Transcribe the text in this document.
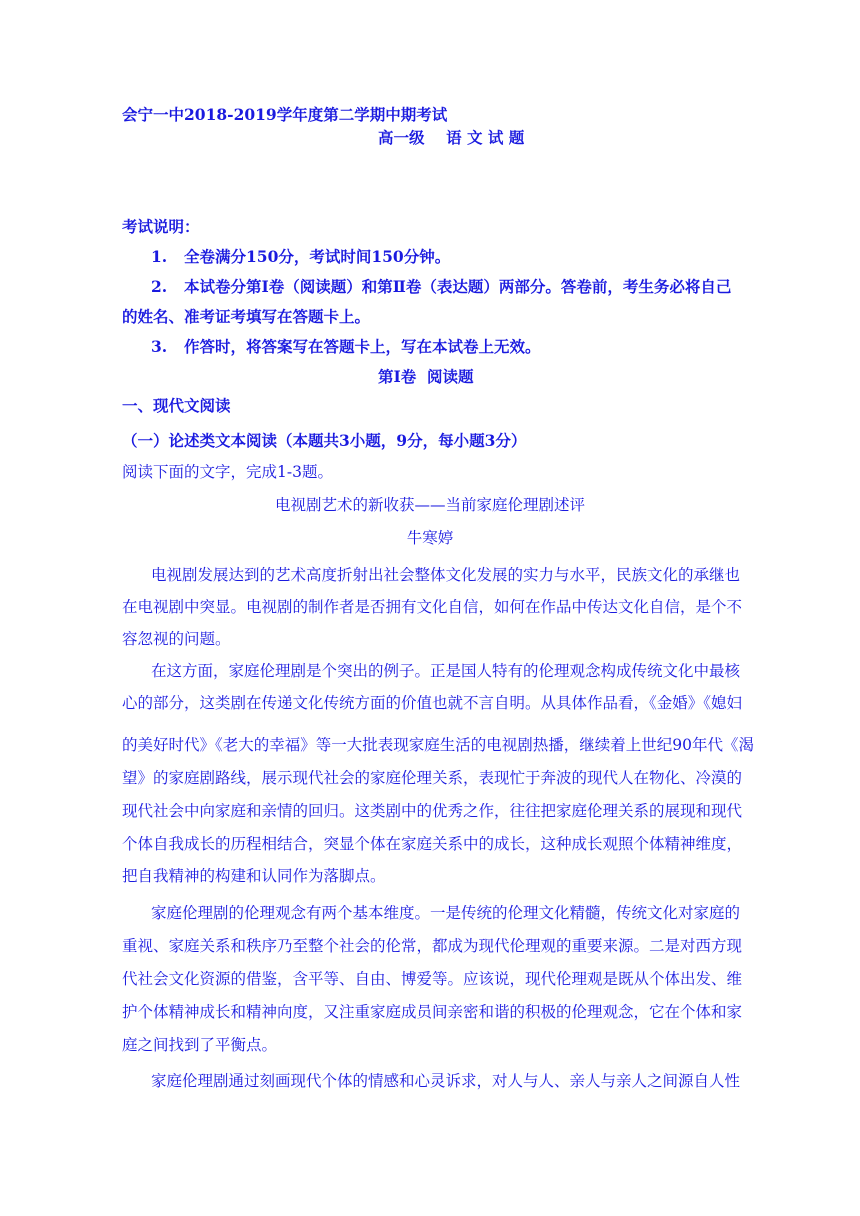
会宁一中2018-2019学年度第二学期中期考试
高一级    语 文 试 题
考试说明：
1. 全卷满分150分，考试时间150分钟。
2. 本试卷分第Ⅰ卷（阅读题）和第Ⅱ卷（表达题）两部分。答卷前，考生务必将自己
的姓名、准考证考填写在答题卡上。
3. 作答时，将答案写在答题卡上，写在本试卷上无效。
第Ⅰ卷  阅读题
一、现代文阅读
（一）论述类文本阅读（本题共3小题，9分，每小题3分）
阅读下面的文字，完成1-3题。
电视剧艺术的新收获——当前家庭伦理剧述评
牛寒婷
电视剧发展达到的艺术高度折射出社会整体文化发展的实力与水平，民族文化的承继也
在电视剧中突显。电视剧的制作者是否拥有文化自信，如何在作品中传达文化自信，是个不
容忽视的问题。
在这方面，家庭伦理剧是个突出的例子。正是国人特有的伦理观念构成传统文化中最核
心的部分，这类剧在传递文化传统方面的价值也就不言自明。从具体作品看，《金婚》《媳妇
的美好时代》《老大的幸福》等一大批表现家庭生活的电视剧热播，继续着上世纪90年代《渴
望》的家庭剧路线，展示现代社会的家庭伦理关系，表现忙于奔波的现代人在物化、冷漠的
现代社会中向家庭和亲情的回归。这类剧中的优秀之作，往往把家庭伦理关系的展现和现代
个体自我成长的历程相结合，突显个体在家庭关系中的成长，这种成长观照个体精神维度，
把自我精神的构建和认同作为落脚点。
家庭伦理剧的伦理观念有两个基本维度。一是传统的伦理文化精髓，传统文化对家庭的
重视、家庭关系和秩序乃至整个社会的伦常，都成为现代伦理观的重要来源。二是对西方现
代社会文化资源的借鉴，含平等、自由、博爱等。应该说，现代伦理观是既从个体出发、维
护个体精神成长和精神向度，又注重家庭成员间亲密和谐的积极的伦理观念，它在个体和家
庭之间找到了平衡点。
家庭伦理剧通过刻画现代个体的情感和心灵诉求，对人与人、亲人与亲人之间源自人性
